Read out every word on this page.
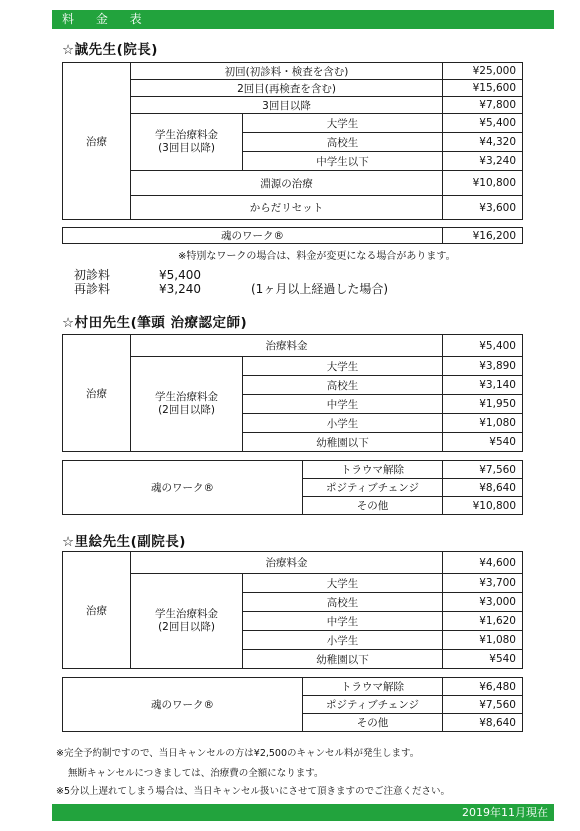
料 金 表
☆誠先生(院長)
治療	初回(初診料・検査を含む)		¥25,000
	2回目(再検査を含む)		¥15,600
	3回目以降		¥7,800
	学生治療料金
(3回目以降)	大学生	¥5,400
		高校生	¥4,320
		中学生以下	¥3,240
	淵源の治療		¥10,800
	からだリセット		¥3,600
魂のワーク®	¥16,200
※特別なワークの場合は、料金が変更になる場合があります。
初診料	¥5,400
再診料	¥3,240	(1ヶ月以上経過した場合)
☆村田先生(筆頭 治療認定師)
治療	治療料金		¥5,400
	学生治療料金
(2回目以降)	大学生	¥3,890
		高校生	¥3,140
		中学生	¥1,950
		小学生	¥1,080
		幼稚園以下	¥540
魂のワーク®	トラウマ解除	¥7,560
	ポジティブチェンジ	¥8,640
	その他	¥10,800
☆里絵先生(副院長)
治療	治療料金		¥4,600
	学生治療料金
(2回目以降)	大学生	¥3,700
		高校生	¥3,000
		中学生	¥1,620
		小学生	¥1,080
		幼稚園以下	¥540
魂のワーク®	トラウマ解除	¥6,480
	ポジティブチェンジ	¥7,560
	その他	¥8,640
※完全予約制ですので、当日キャンセルの方は¥2,500のキャンセル料が発生します。
無断キャンセルにつきましては、治療費の全額になります。
※5分以上遅れてしまう場合は、当日キャンセル扱いにさせて頂きますのでご注意ください。
2019年11月現在
